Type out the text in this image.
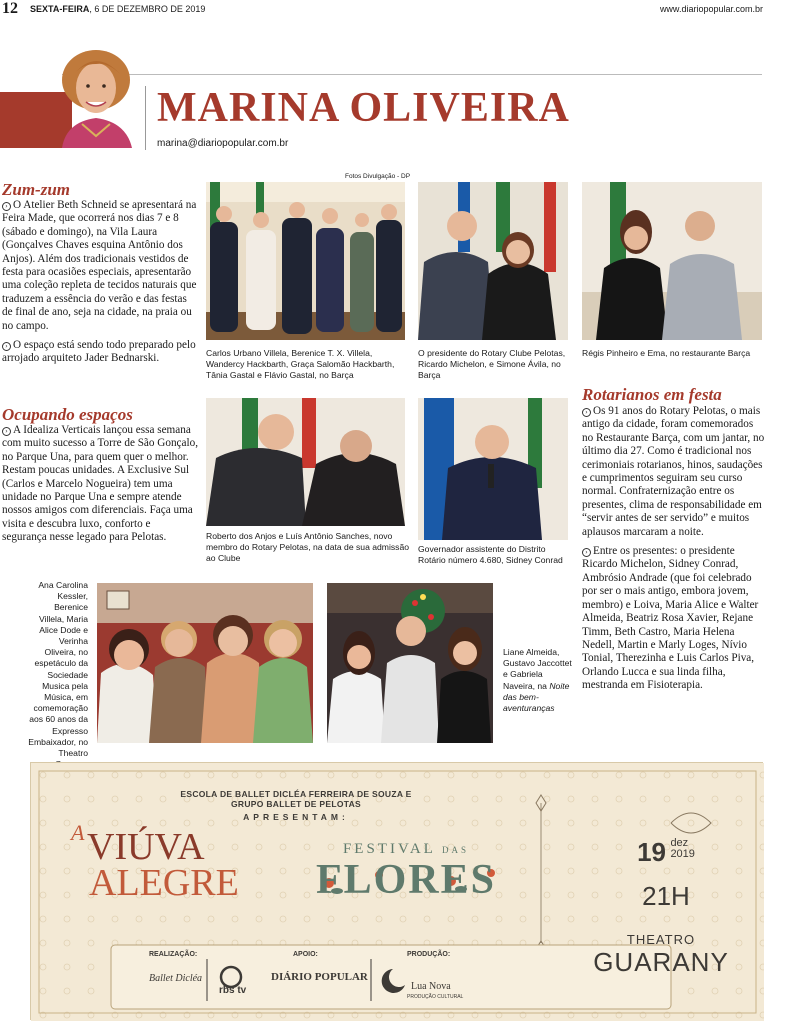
12 SEXTA-FEIRA, 6 DE DEZEMBRO DE 2019	www.diariopopular.com.br
MARINA OLIVEIRA
marina@diariopopular.com.br
Fotos Divulgação - DP
Zum-zum

› O Atelier Beth Schneid se apresentará na Feira Made, que ocorrerá nos dias 7 e 8 (sábado e domingo), na Vila Laura (Gonçalves Chaves esquina Antônio dos Anjos). Além dos tradicionais vestidos de festa para ocasiões especiais, apresentarão uma coleção repleta de tecidos naturais que traduzem a essência do verão e das festas de final de ano, seja na cidade, na praia ou no campo.

› O espaço está sendo todo preparado pelo arrojado arquiteto Jader Bednarski.

Ocupando espaços

› A Idealiza Verticais lançou essa semana com muito sucesso a Torre de São Gonçalo, no Parque Una, para quem quer o melhor. Restam poucas unidades. A Exclusive Sul (Carlos e Marcelo Nogueira) tem uma unidade no Parque Una e sempre atende nossos amigos com diferenciais. Faça uma visita e descubra luxo, conforto e segurança nesse legado para Pelotas.

Carlos Urbano Villela, Berenice T. X. Villela, Wandercy Hackbarth, Graça Salomão Hackbarth, Tânia Gastal e Flávio Gastal, no Barça
O presidente do Rotary Clube Pelotas, Ricardo Michelon, e Simone Ávila, no Barça
Régis Pinheiro e Ema, no restaurante Barça
Roberto dos Anjos e Luís Antônio Sanches, novo membro do Rotary Pelotas, na data de sua admissão ao Clube
Governador assistente do Distrito Rotário número 4.680, Sidney Conrad
Rotarianos em festa

› Os 91 anos do Rotary Pelotas, o mais antigo da cidade, foram comemorados no Restaurante Barça, com um jantar, no último dia 27. Como é tradicional nos cerimoniais rotarianos, hinos, saudações e cumprimentos seguiram seu curso normal. Confraternização entre os presentes, clima de responsabilidade em “servir antes de ser servido” e muitos aplausos marcaram a noite.

› Entre os presentes: o presidente Ricardo Michelon, Sidney Conrad, Ambrósio Andrade (que foi celebrado por ser o mais antigo, embora jovem, membro) e Loiva, Maria Alice e Walter Almeida, Beatriz Rosa Xavier, Rejane Timm, Beth Castro, Maria Helena Nedell, Martin e Marly Loges, Nívio Tonial, Therezinha e Luis Carlos Piva, Orlando Lucca e sua linda filha, mestranda em Fisioterapia.

Ana Carolina Kessler, Berenice Villela, Maria Alice Dode e Verinha Oliveira, no espetáculo da Sociedade Musica pela Música, em comemoração aos 60 anos da Expresso Embaixador, no Theatro
Liane Almeida, Gustavo Jaccottet e Gabriela Naveira, na Noite das bem-aventuranças
ESCOLA DE BALLET DICLÉA FERREIRA DE SOUZA E
GRUPO BALLET DE PELOTAS
APRESENTAM:
A VIÚVA
ALEGRE
FESTIVAL DAS
FLORES
19 dez
2019
21H
THEATRO
GUARANY
REALIZAÇÃO:
Ballet Dicléa
APOIO:
rbs tv
DIÁRIO POPULAR
PRODUÇÃO:
Lua Nova
PRODUÇÃO CULTURAL
